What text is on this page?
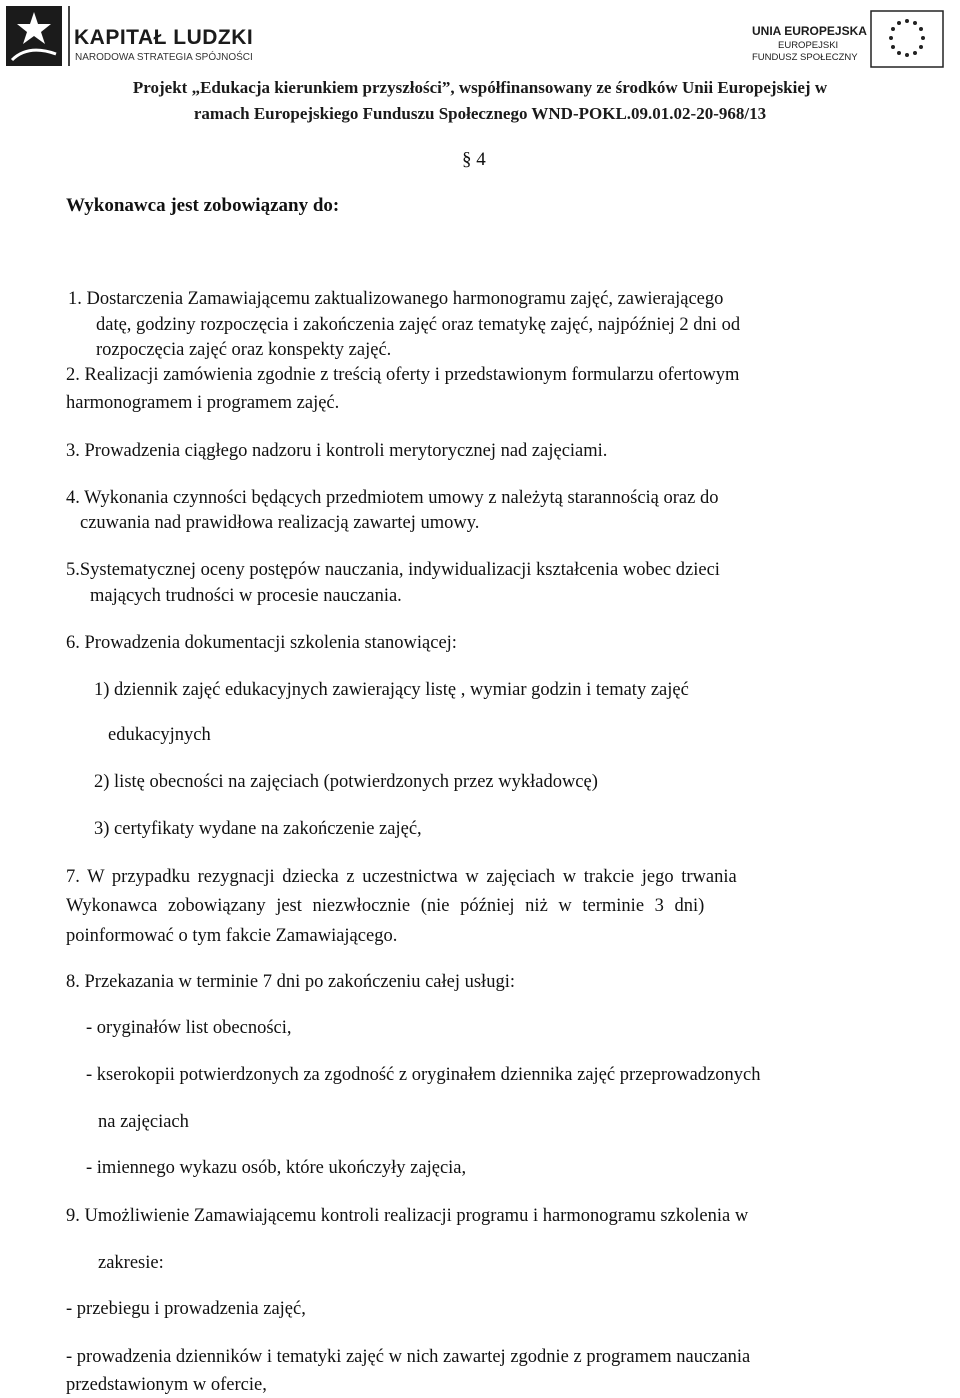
KAPITAŁ LUDZKI
NARODOWA STRATEGIA SPÓJNOŚCI
UNIA EUROPEJSKA
EUROPEJSKI
FUNDUSZ SPOŁECZNY
Projekt „Edukacja kierunkiem przyszłości”, współfinansowany ze środków Unii Europejskiej w
ramach Europejskiego Funduszu Społecznego WND-POKL.09.01.02-20-968/13
§ 4
Wykonawca jest zobowiązany do:
1. Dostarczenia Zamawiającemu zaktualizowanego harmonogramu zajęć, zawierającego
datę, godziny rozpoczęcia i zakończenia zajęć oraz tematykę zajęć, najpóźniej 2 dni od
rozpoczęcia zajęć oraz konspekty zajęć.
2. Realizacji zamówienia zgodnie z treścią oferty i przedstawionym formularzu ofertowym
harmonogramem i programem zajęć.
3. Prowadzenia ciągłego nadzoru i kontroli merytorycznej nad zajęciami.
4. Wykonania czynności będących przedmiotem umowy z należytą starannością oraz do
czuwania nad prawidłowa realizacją zawartej umowy.
5.Systematycznej oceny postępów nauczania, indywidualizacji kształcenia wobec dzieci
mających trudności w procesie nauczania.
6. Prowadzenia dokumentacji szkolenia stanowiącej:
1) dziennik zajęć edukacyjnych zawierający listę , wymiar godzin i tematy zajęć
edukacyjnych
2) listę obecności na zajęciach (potwierdzonych przez wykładowcę)
3) certyfikaty wydane na zakończenie zajęć,
7. W przypadku rezygnacji dziecka z uczestnictwa w zajęciach w trakcie jego trwania
Wykonawca zobowiązany jest niezwłocznie (nie później niż w terminie 3 dni)
poinformować o tym fakcie Zamawiającego.
8. Przekazania w terminie 7 dni po zakończeniu całej usługi:
- oryginałów list obecności,
- kserokopii potwierdzonych za zgodność z oryginałem dziennika zajęć przeprowadzonych
na zajęciach
- imiennego wykazu osób, które ukończyły zajęcia,
9. Umożliwienie Zamawiającemu kontroli realizacji programu i harmonogramu szkolenia w
zakresie:
- przebiegu i prowadzenia zajęć,
- prowadzenia dzienników i tematyki zajęć w nich zawartej zgodnie z programem nauczania
przedstawionym w ofercie,
